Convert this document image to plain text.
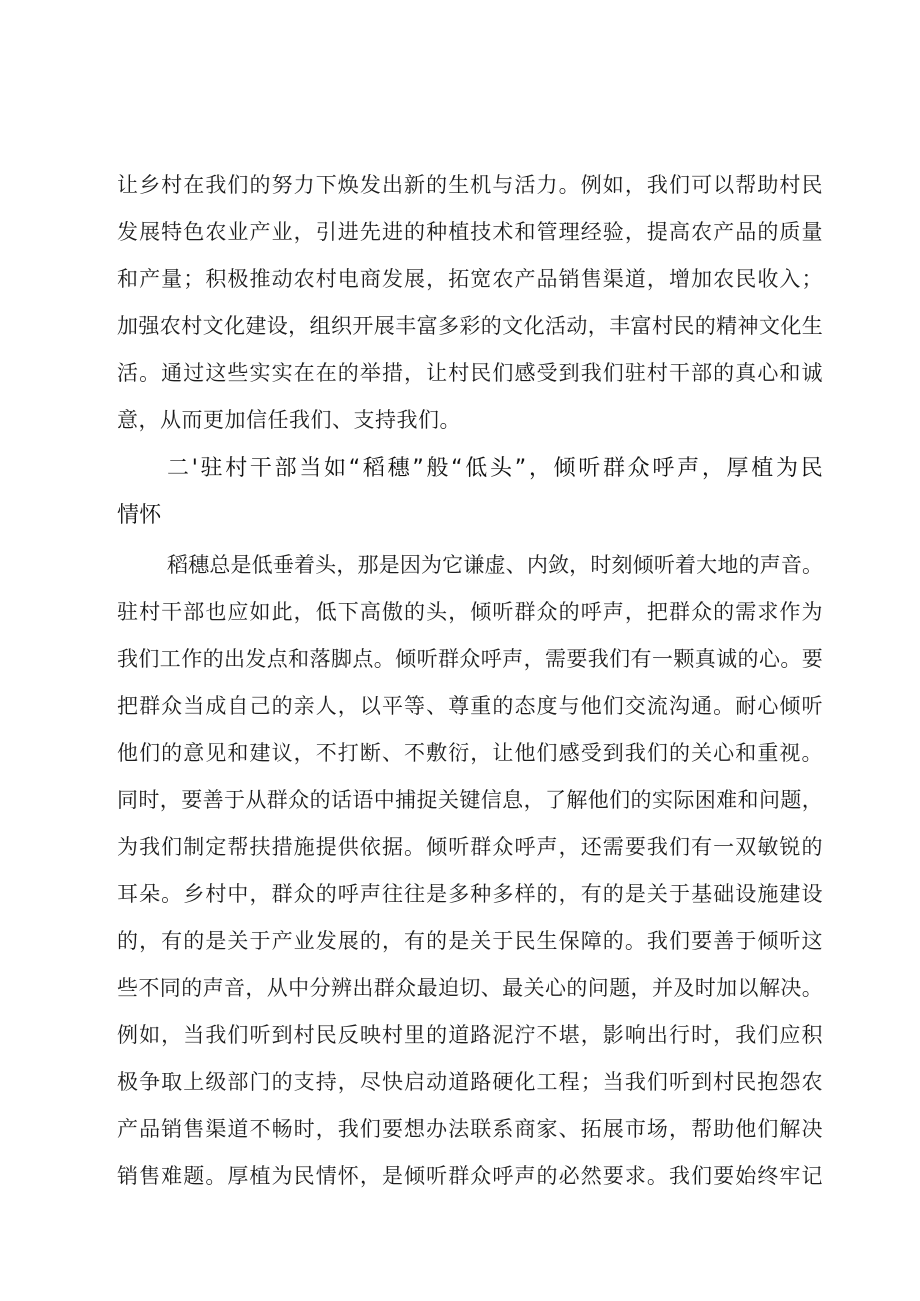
让乡村在我们的努力下焕发出新的生机与活力。例如，我们可以帮助村民
发展特色农业产业，引进先进的种植技术和管理经验，提高农产品的质量
和产量；积极推动农村电商发展，拓宽农产品销售渠道，增加农民收入；
加强农村文化建设，组织开展丰富多彩的文化活动，丰富村民的精神文化生
活。通过这些实实在在的举措，让村民们感受到我们驻村干部的真心和诚
意，从而更加信任我们、支持我们。
二'驻村干部当如“稻穗”般“低头”，倾听群众呼声，厚植为民
情怀
稻穗总是低垂着头，那是因为它谦虚、内敛，时刻倾听着大地的声音。
驻村干部也应如此，低下高傲的头，倾听群众的呼声，把群众的需求作为
我们工作的出发点和落脚点。倾听群众呼声，需要我们有一颗真诚的心。要
把群众当成自己的亲人，以平等、尊重的态度与他们交流沟通。耐心倾听
他们的意见和建议，不打断、不敷衍，让他们感受到我们的关心和重视。
同时，要善于从群众的话语中捕捉关键信息，了解他们的实际困难和问题，
为我们制定帮扶措施提供依据。倾听群众呼声，还需要我们有一双敏锐的
耳朵。乡村中，群众的呼声往往是多种多样的，有的是关于基础设施建设
的，有的是关于产业发展的，有的是关于民生保障的。我们要善于倾听这
些不同的声音，从中分辨出群众最迫切、最关心的问题，并及时加以解决。
例如，当我们听到村民反映村里的道路泥泞不堪，影响出行时，我们应积
极争取上级部门的支持，尽快启动道路硬化工程；当我们听到村民抱怨农
产品销售渠道不畅时，我们要想办法联系商家、拓展市场，帮助他们解决
销售难题。厚植为民情怀，是倾听群众呼声的必然要求。我们要始终牢记
